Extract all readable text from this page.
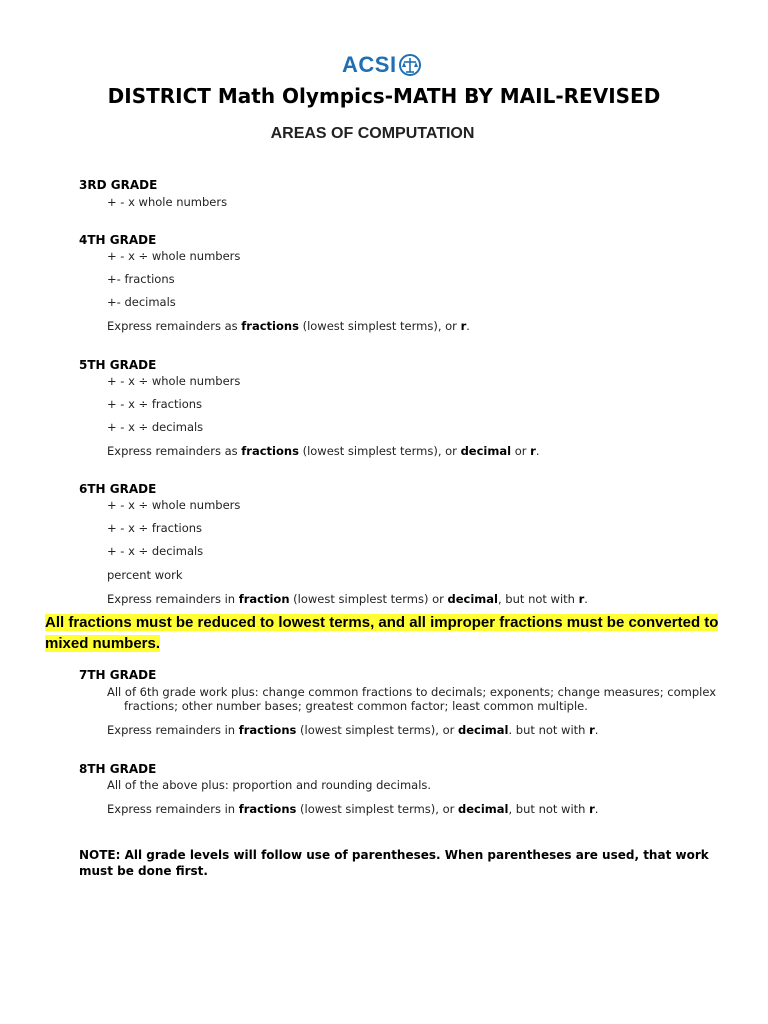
ACSI
DISTRICT Math Olympics-MATH BY MAIL-REVISED
AREAS OF COMPUTATION
3RD GRADE
+ - x whole numbers
4TH GRADE
+ - x ÷ whole numbers
+- fractions
+- decimals
Express remainders as fractions (lowest simplest terms), or r.
5TH GRADE
+ - x ÷ whole numbers
+ - x ÷ fractions
+ - x ÷ decimals
Express remainders as fractions (lowest simplest terms), or decimal or r.
6TH GRADE
+ - x ÷ whole numbers
+ - x ÷ fractions
+ - x ÷ decimals
percent work
Express remainders in fraction (lowest simplest terms) or decimal, but not with r.
All fractions must be reduced to lowest terms, and all improper fractions must be converted to mixed numbers.
7TH GRADE
All of 6th grade work plus: change common fractions to decimals; exponents; change measures; complex
fractions; other number bases; greatest common factor; least common multiple.
Express remainders in fractions (lowest simplest terms), or decimal. but not with r.
8TH GRADE
All of the above plus: proportion and rounding decimals.
Express remainders in fractions (lowest simplest terms), or decimal, but not with r.
NOTE: All grade levels will follow use of parentheses. When parentheses are used, that work must be done first.
